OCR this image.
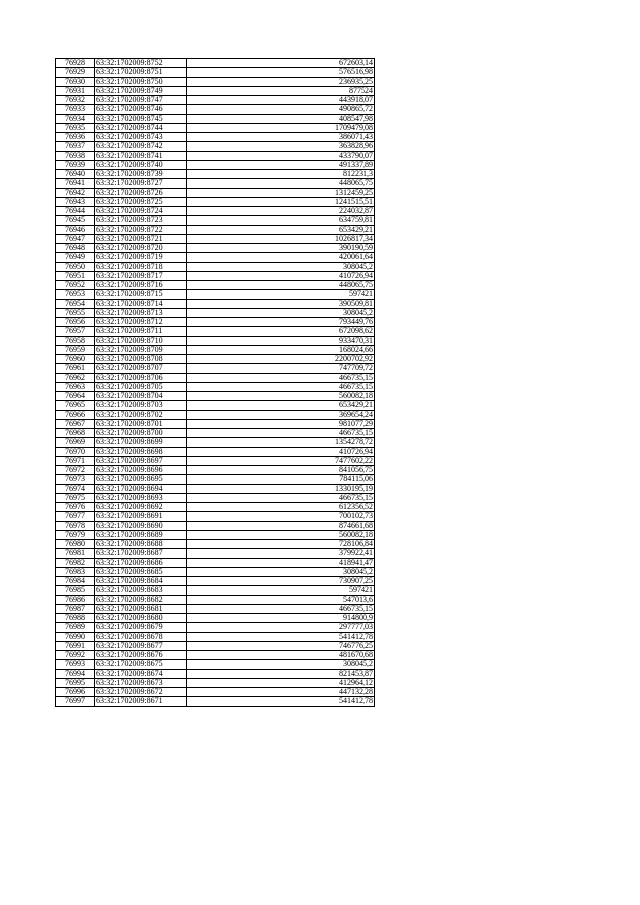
76928	63:32:1702009:8752	672603,14
76929	63:32:1702009:8751	576516,98
76930	63:32:1702009:8750	236935,25
76931	63:32:1702009:8749	877524
76932	63:32:1702009:8747	443918,07
76933	63:32:1702009:8746	490865,72
76934	63:32:1702009:8745	408547,98
76935	63:32:1702009:8744	1709479,08
76936	63:32:1702009:8743	386071,43
76937	63:32:1702009:8742	363828,96
76938	63:32:1702009:8741	433790,07
76939	63:32:1702009:8740	491337,89
76940	63:32:1702009:8739	812231,3
76941	63:32:1702009:8727	448065,75
76942	63:32:1702009:8726	1312459,25
76943	63:32:1702009:8725	1241515,51
76944	63:32:1702009:8724	224032,87
76945	63:32:1702009:8723	634759,81
76946	63:32:1702009:8722	653429,21
76947	63:32:1702009:8721	1026817,34
76948	63:32:1702009:8720	390190,59
76949	63:32:1702009:8719	420061,64
76950	63:32:1702009:8718	308045,2
76951	63:32:1702009:8717	410726,94
76952	63:32:1702009:8716	448065,75
76953	63:32:1702009:8715	597421
76954	63:32:1702009:8714	390509,81
76955	63:32:1702009:8713	308045,2
76956	63:32:1702009:8712	793449,76
76957	63:32:1702009:8711	672098,62
76958	63:32:1702009:8710	933470,31
76959	63:32:1702009:8709	168024,66
76960	63:32:1702009:8708	2200702,92
76961	63:32:1702009:8707	747709,72
76962	63:32:1702009:8706	466735,15
76963	63:32:1702009:8705	466735,15
76964	63:32:1702009:8704	560082,18
76965	63:32:1702009:8703	653429,21
76966	63:32:1702009:8702	369654,24
76967	63:32:1702009:8701	981077,29
76968	63:32:1702009:8700	466735,15
76969	63:32:1702009:8699	1354278,72
76970	63:32:1702009:8698	410726,94
76971	63:32:1702009:8697	7477602,22
76972	63:32:1702009:8696	841056,75
76973	63:32:1702009:8695	784115,06
76974	63:32:1702009:8694	1330195,19
76975	63:32:1702009:8693	466735,15
76976	63:32:1702009:8692	612356,52
76977	63:32:1702009:8691	700102,73
76978	63:32:1702009:8690	874661,68
76979	63:32:1702009:8689	560082,18
76980	63:32:1702009:8688	728106,84
76981	63:32:1702009:8687	379922,41
76982	63:32:1702009:8686	418941,47
76983	63:32:1702009:8685	308045,2
76984	63:32:1702009:8684	730907,25
76985	63:32:1702009:8683	597421
76986	63:32:1702009:8682	547013,6
76987	63:32:1702009:8681	466735,15
76988	63:32:1702009:8680	914800,9
76989	63:32:1702009:8679	297777,03
76990	63:32:1702009:8678	541412,78
76991	63:32:1702009:8677	746776,25
76992	63:32:1702009:8676	481670,68
76993	63:32:1702009:8675	308045,2
76994	63:32:1702009:8674	821453,87
76995	63:32:1702009:8673	412964,12
76996	63:32:1702009:8672	447132,28
76997	63:32:1702009:8671	541412,78
